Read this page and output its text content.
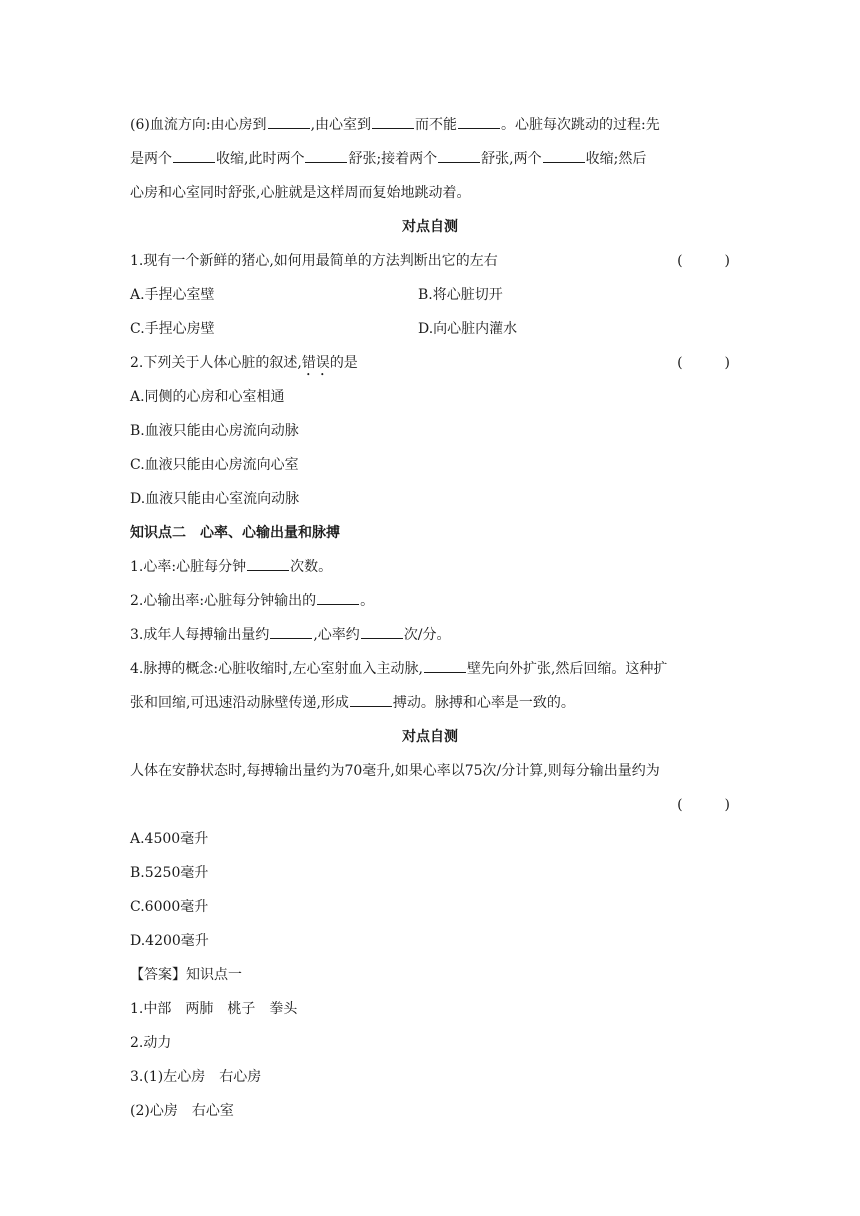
(6)血流方向:由心房到	,由心室到	而不能	。心脏每次跳动的过程:先
是两个	收缩,此时两个	舒张;接着两个	舒张,两个	收缩;然后
心房和心室同时舒张,心脏就是这样周而复始地跳动着。
对点自测
1.现有一个新鲜的猪心,如何用最简单的方法判断出它的左右	(　　　)
A.手捏心室壁	B.将心脏切开
C.手捏心房壁	D.向心脏内灌水
2.下列关于人体心脏的叙述,错误的是	(　　　)
A.同侧的心房和心室相通
B.血液只能由心房流向动脉
C.血液只能由心房流向心室
D.血液只能由心室流向动脉
知识点二　心率、心输出量和脉搏
1.心率:心脏每分钟	次数。
2.心输出率:心脏每分钟输出的	。
3.成年人每搏输出量约	,心率约	次/分。
4.脉搏的概念:心脏收缩时,左心室射血入主动脉,	壁先向外扩张,然后回缩。这种扩
张和回缩,可迅速沿动脉壁传递,形成	搏动。脉搏和心率是一致的。
对点自测
人体在安静状态时,每搏输出量约为70毫升,如果心率以75次/分计算,则每分输出量约为
(　　　)
A.4500毫升
B.5250毫升
C.6000毫升
D.4200毫升
【答案】知识点一
1.中部　两肺　桃子　拳头
2.动力
3.(1)左心房　右心房
(2)心房　右心室
